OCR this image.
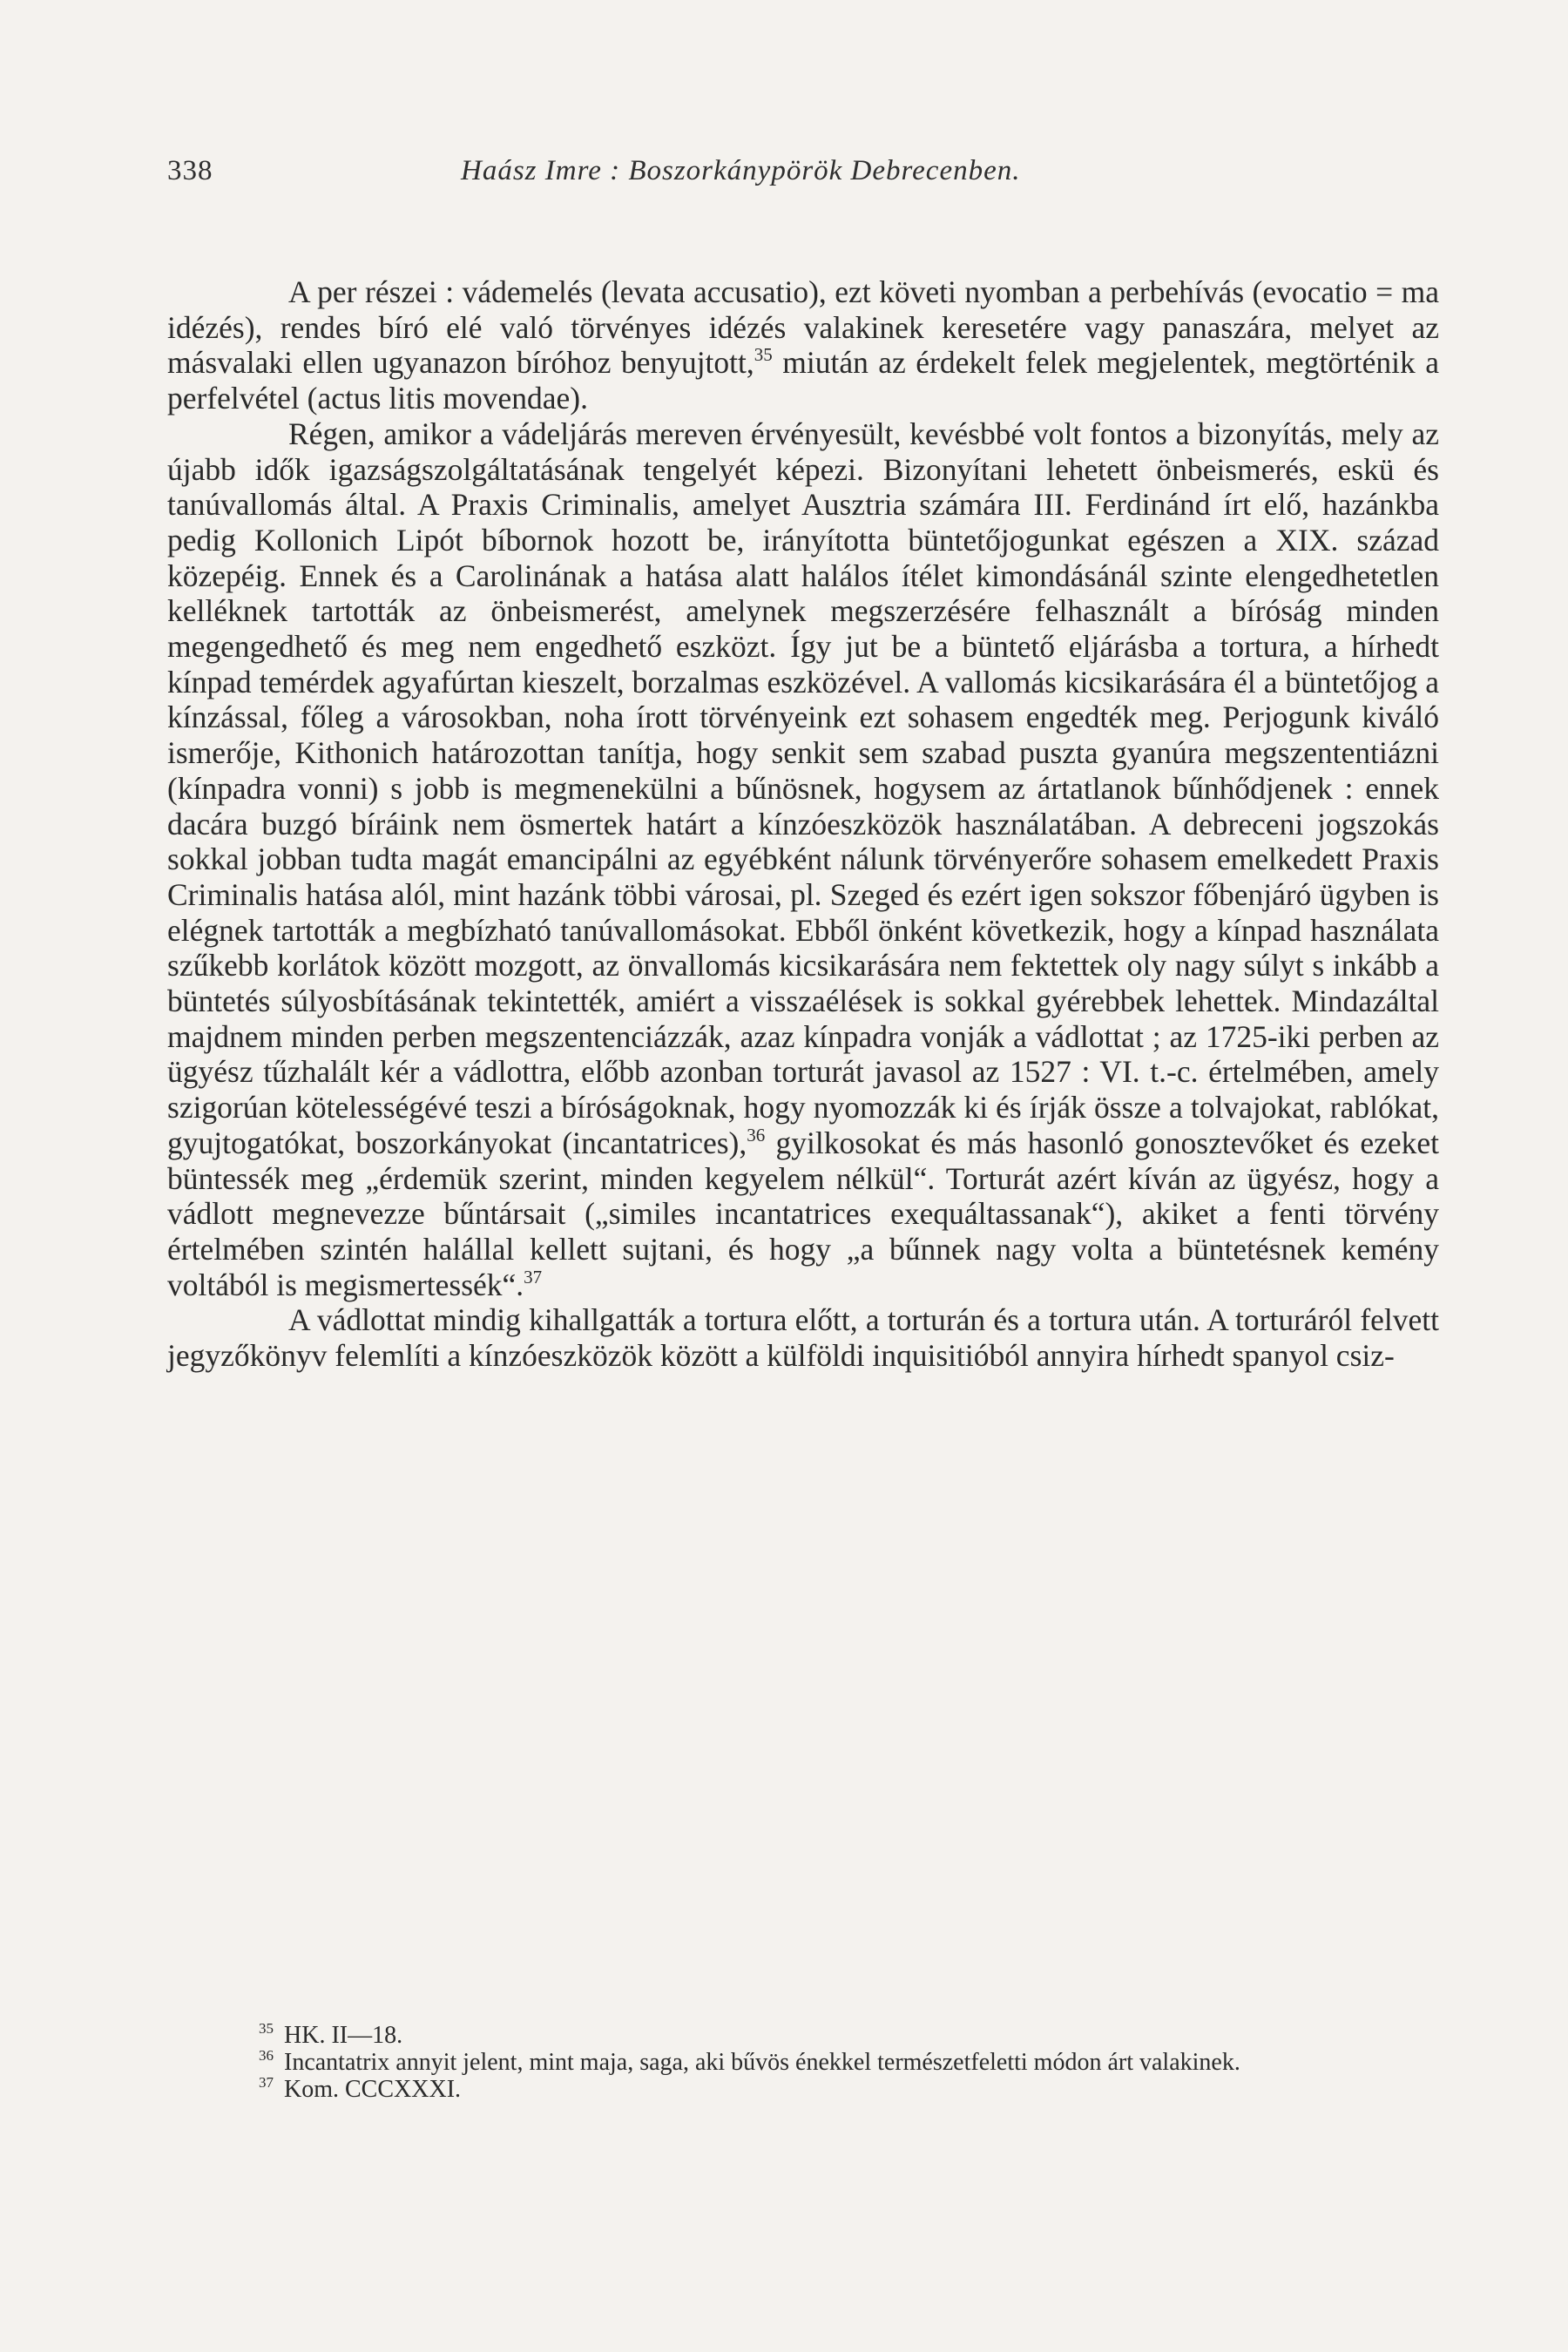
338	Haász Imre : Boszorkánypörök Debrecenben.

A per részei : vádemelés (levata accusatio), ezt követi nyomban a perbehívás (evocatio = ma idézés), rendes bíró elé való törvényes idézés valakinek keresetére vagy panaszára, melyet az másvalaki ellen ugyanazon bíróhoz benyujtott,$^{35}$ miután az érdekelt felek megjelentek, megtörténik a perfelvétel (actus litis movendae).

Régen, amikor a vádeljárás mereven érvényesült, kevésbbé volt fontos a bizonyítás, mely az újabb idők igazságszolgáltatásának tengelyét képezi. Bizonyítani lehetett önbeismerés, eskü és tanúvallomás által. A Praxis Criminalis, amelyet Ausztria számára III. Ferdinánd írt elő, hazánkba pedig Kollonich Lipót bíbornok hozott be, irányította büntetőjogunkat egészen a XIX. század közepéig. Ennek és a Carolinának a hatása alatt halálos ítélet kimondásánál szinte elengedhetetlen kelléknek tartották az önbeismerést, amelynek megszerzésére felhasznált a bíróság minden megengedhető és meg nem engedhető eszközt. Így jut be a büntető eljárásba a tortura, a hírhedt kínpad temérdek agyafúrtan kieszelt, borzalmas eszközével. A vallomás kicsikarására él a büntetőjog a kínzással, főleg a városokban, noha írott törvényeink ezt sohasem engedték meg. Perjogunk kiváló ismerője, Kithonich határozottan tanítja, hogy senkit sem szabad puszta gyanúra megszententiázni (kínpadra vonni) s jobb is megmenekülni a bűnösnek, hogysem az ártatlanok bűnhődjenek : ennek dacára buzgó bíráink nem ösmertek határt a kínzóeszközök használatában. A debreceni jogszokás sokkal jobban tudta magát emancipálni az egyébként nálunk törvényerőre sohasem emelkedett Praxis Criminalis hatása alól, mint hazánk többi városai, pl. Szeged és ezért igen sokszor főbenjáró ügyben is elégnek tartották a megbízható tanúvallomásokat. Ebből önként következik, hogy a kínpad használata szűkebb korlátok között mozgott, az önvallomás kicsikarására nem fektettek oly nagy súlyt s inkább a büntetés súlyosbításának tekintették, amiért a visszaélések is sokkal gyérebbek lehettek. Mindazáltal majdnem minden perben megszentenciázzák, azaz kínpadra vonják a vádlottat ; az 1725-iki perben az ügyész tűzhalált kér a vádlottra, előbb azonban torturát javasol az 1527 : VI. t.-c. értelmében, amely szigorúan kötelességévé teszi a bíróságoknak, hogy nyomozzák ki és írják össze a tolvajokat, rablókat, gyujtogatókat, boszorkányokat (incantatrices),$^{36}$ gyilkosokat és más hasonló gonosztevőket és ezeket büntessék meg „érdemük szerint, minden kegyelem nélkül“. Torturát azért kíván az ügyész, hogy a vádlott megnevezze bűntársait („similes incantatrices exequáltassanak“), akiket a fenti törvény értelmében szintén halállal kellett sujtani, és hogy „a bűnnek nagy volta a büntetésnek kemény voltából is megismertessék“.$^{37}$

A vádlottat mindig kihallgatták a tortura előtt, a torturán és a tortura után. A torturáról felvett jegyzőkönyv felemlíti a kínzóeszközök között a külföldi inquisitióból annyira hírhedt spanyol csiz-

$^{35}$ HK. II—18.

$^{36}$ Incantatrix annyit jelent, mint maja, saga, aki bűvös énekkel természetfeletti módon árt valakinek.

$^{37}$ Kom. CCCXXXI.
